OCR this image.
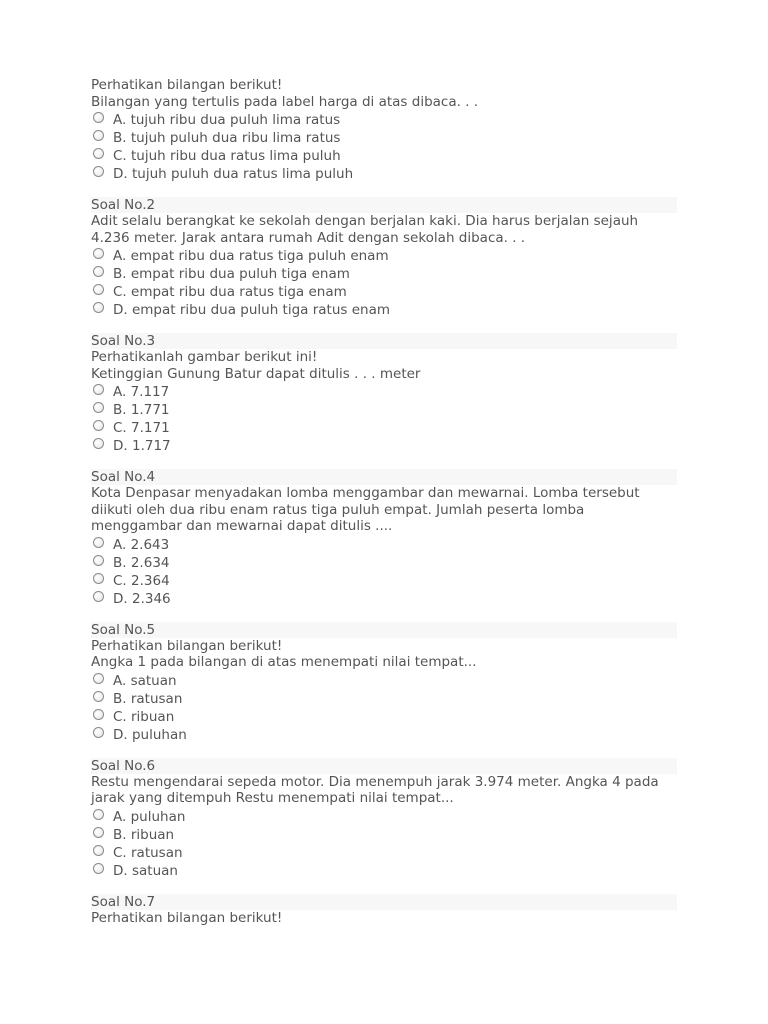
Perhatikan bilangan berikut!
Bilangan yang tertulis pada label harga di atas dibaca. . .
A. tujuh ribu dua puluh lima ratus
B. tujuh puluh dua ribu lima ratus
C. tujuh ribu dua ratus lima puluh
D. tujuh puluh dua ratus lima puluh
Soal No.2
Adit selalu berangkat ke sekolah dengan berjalan kaki. Dia harus berjalan sejauh 4.236 meter. Jarak antara rumah Adit dengan sekolah dibaca. . .
A. empat ribu dua ratus tiga puluh enam
B. empat ribu dua puluh tiga enam
C. empat ribu dua ratus tiga enam
D. empat ribu dua puluh tiga ratus enam
Soal No.3
Perhatikanlah gambar berikut ini!
Ketinggian Gunung Batur dapat ditulis . . . meter
A. 7.117
B. 1.771
C. 7.171
D. 1.717
Soal No.4
Kota Denpasar menyadakan lomba menggambar dan mewarnai. Lomba tersebut diikuti oleh dua ribu enam ratus tiga puluh empat. Jumlah peserta lomba menggambar dan mewarnai dapat ditulis ....
A. 2.643
B. 2.634
C. 2.364
D. 2.346
Soal No.5
Perhatikan bilangan berikut!
Angka 1 pada bilangan di atas menempati nilai tempat...
A. satuan
B. ratusan
C. ribuan
D. puluhan
Soal No.6
Restu mengendarai sepeda motor. Dia menempuh jarak 3.974 meter. Angka 4 pada jarak yang ditempuh Restu menempati nilai tempat...
A. puluhan
B. ribuan
C. ratusan
D. satuan
Soal No.7
Perhatikan bilangan berikut!
